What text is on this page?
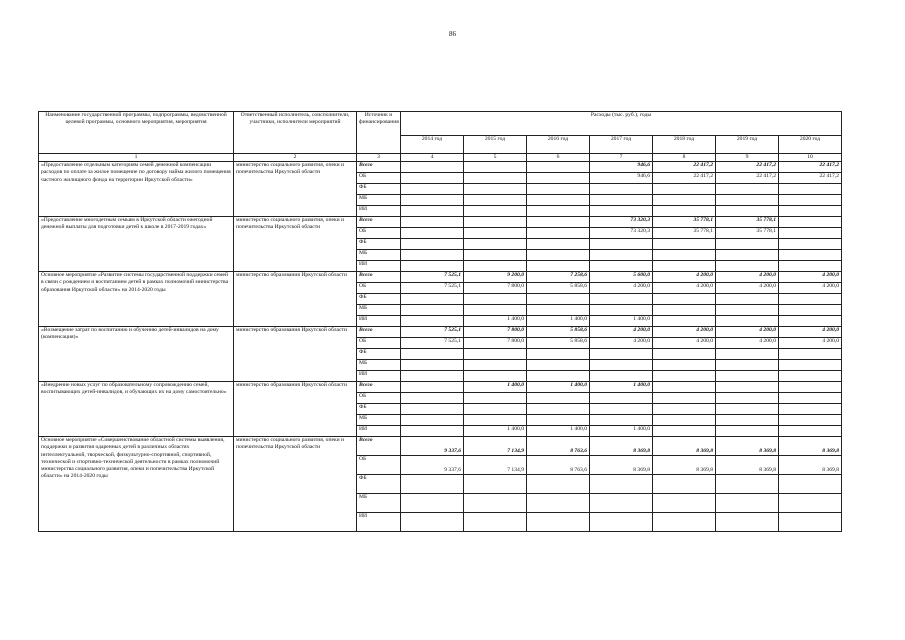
86
Наименование государственной программы, подпрограммы, ведомственной целевой программы, основного мероприятия, мероприятия	Ответственный исполнитель, соисполнители, участники, исполнители мероприятий	Источник и финансирования	Расходы (тыс. руб.), годы						
			2014 год	2015 год	2016 год	2017 год	2018 год	2019 год	2020 год
1	2	3	4	5	6	7	8	9	10
«Предоставление отдельным категориям семей денежной компенсации расходов по оплате за жилое помещение по договору найма жилого помещения частного жилищного фонда на территории Иркутской области»	министерство социального развития, опеки и попечительства Иркутской области	Всего				946,6	22 417,2	22 417,2	22 417,2
		ОБ				946,6	22 417,2	22 417,2	22 417,2
		ФБ							
		МБ							
		ИИ							
«Предоставление многодетным семьям в Иркутской области ежегодной денежной выплаты для подготовки детей к школе в 2017-2019 годах»	министерство социального развития, опеки и попечительства Иркутской области	Всего				73 320,3	35 778,1	35 778,1	
		ОБ				73 320,3	35 778,1	35 778,1	
		ФБ							
		МБ							
		ИИ							
Основное мероприятие «Развитие системы государственной поддержки семей в связи с рождением и воспитанием детей в рамках полномочий министерства образования Иркутской области» на 2014-2020 годы	министерство образования Иркутской области	Всего	7 525,1	9 200,0	7 258,6	5 600,0	4 200,0	4 200,0	4 200,0
		ОБ	7 525,1	7 800,0	5 858,6	4 200,0	4 200,0	4 200,0	4 200,0
		ФБ							
		МБ							
		ИИ		1 400,0	1 400,0	1 400,0			
«Возмещение затрат по воспитанию и обучению детей-инвалидов на дому (компенсация)»	министерство образования Иркутской области	Всего	7 525,1	7 800,0	5 858,6	4 200,0	4 200,0	4 200,0	4 200,0
		ОБ	7 525,1	7 800,0	5 858,6	4 200,0	4 200,0	4 200,0	4 200,0
		ФБ							
		МБ							
		ИИ							
«Внедрение новых услуг по образовательному сопровождению семей, воспитывающих детей-инвалидов, и обучающих их на дому самостоятельно»	министерство образования Иркутской области	Всего		1 400,0	1 400,0	1 400,0			
		ОБ							
		ФБ							
		МБ							
		ИИ		1 400,0	1 400,0	1 400,0			
Основное мероприятие «Совершенствование областной системы выявления, поддержки и развития одаренных детей в различных областях интеллектуальной, творческой, физкультурно-спортивной, спортивной, технической и спортивно-технической деятельности в рамках полномочий министерства социального развития, опеки и попечительства Иркутской области» на 2014-2020 годы	министерство социального развития, опеки и попечительства Иркутской области	Всего	9 337,6	7 134,9	8 763,6	8 369,8	8 369,8	8 369,8	8 369,8
		ОБ	9 337,6	7 134,9	8 763,6	8 369,8	8 369,8	8 369,8	8 369,8
		ФБ							
		МБ							
		ИИ							
